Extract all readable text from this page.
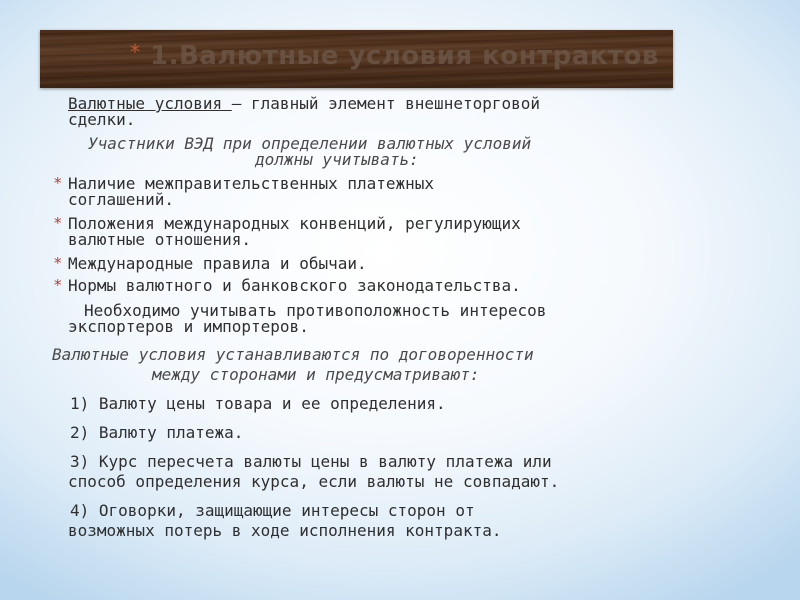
* 1.Валютные условия контрактов
Валютные условия – главный элемент внешнеторговой
сделки.
Участники ВЭД при определении валютных условий
должны учитывать:
* Наличие межправительственных платежных
соглашений.
* Положения международных конвенций, регулирующих
валютные отношения.
* Международные правила и обычаи.
* Нормы валютного и банковского законодательства.
Необходимо учитывать противоположность интересов
экспортеров и импортеров.
Валютные условия устанавливаются по договоренности
между сторонами и предусматривают:
1) Валюту цены товара и ее определения.
2) Валюту платежа.
3) Курс пересчета валюты цены в валюту платежа или
способ определения курса, если валюты не совпадают.
4) Оговорки, защищающие интересы сторон от
возможных потерь в ходе исполнения контракта.
